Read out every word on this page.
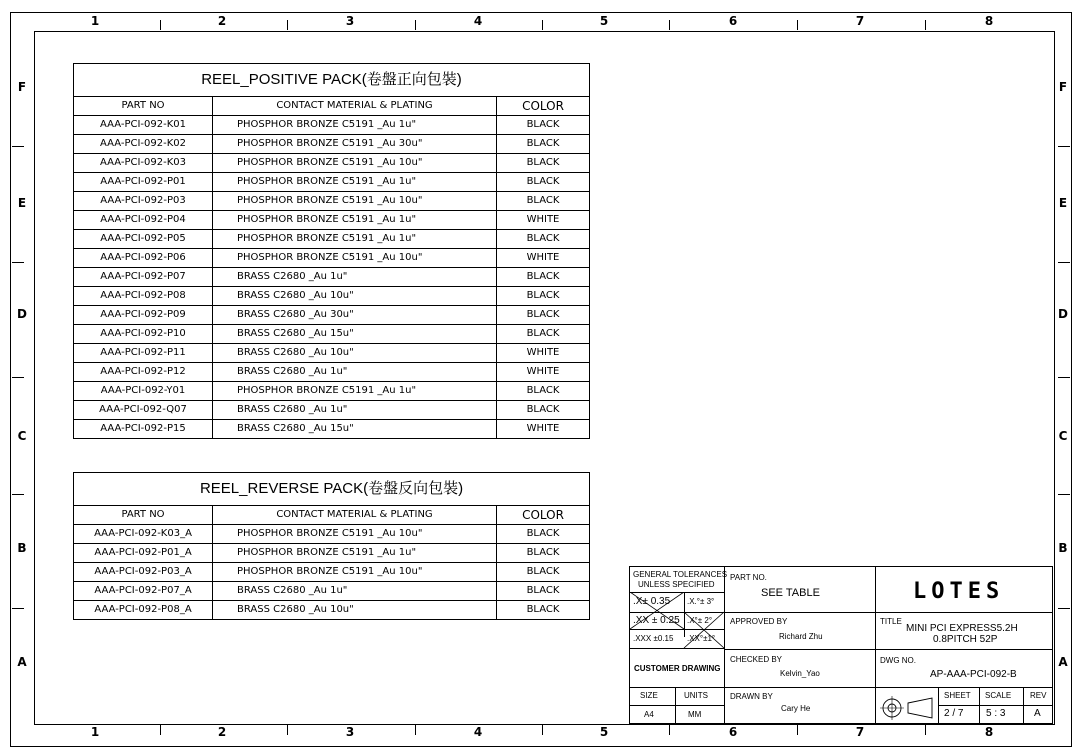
1
1
2
2
3
3
4
4
5
5
6
6
7
7
8
8
F	F
E	E
D	D
C	C
B	B
A	A
REEL_POSITIVE PACK(卷盤正向包裝)		
PART NO	CONTACT MATERIAL & PLATING	COLOR
AAA-PCI-092-K01	PHOSPHOR BRONZE C5191 _Au 1u"	BLACK
AAA-PCI-092-K02	PHOSPHOR BRONZE C5191 _Au 30u"	BLACK
AAA-PCI-092-K03	PHOSPHOR BRONZE C5191 _Au 10u"	BLACK
AAA-PCI-092-P01	PHOSPHOR BRONZE C5191 _Au 1u"	BLACK
AAA-PCI-092-P03	PHOSPHOR BRONZE C5191 _Au 10u"	BLACK
AAA-PCI-092-P04	PHOSPHOR BRONZE C5191 _Au 1u"	WHITE
AAA-PCI-092-P05	PHOSPHOR BRONZE C5191 _Au 1u"	BLACK
AAA-PCI-092-P06	PHOSPHOR BRONZE C5191 _Au 10u"	WHITE
AAA-PCI-092-P07	BRASS C2680 _Au 1u"	BLACK
AAA-PCI-092-P08	BRASS C2680 _Au 10u"	BLACK
AAA-PCI-092-P09	BRASS C2680 _Au 30u"	BLACK
AAA-PCI-092-P10	BRASS C2680 _Au 15u"	BLACK
AAA-PCI-092-P11	BRASS C2680 _Au 10u"	WHITE
AAA-PCI-092-P12	BRASS C2680 _Au 1u"	WHITE
AAA-PCI-092-Y01	PHOSPHOR BRONZE C5191 _Au 1u"	BLACK
AAA-PCI-092-Q07	BRASS C2680 _Au 1u"	BLACK
AAA-PCI-092-P15	BRASS C2680 _Au 15u"	WHITE
REEL_REVERSE PACK(卷盤反向包裝)		
PART NO	CONTACT MATERIAL & PLATING	COLOR
AAA-PCI-092-K03_A	PHOSPHOR BRONZE C5191 _Au 10u"	BLACK
AAA-PCI-092-P01_A	PHOSPHOR BRONZE C5191 _Au 1u"	BLACK
AAA-PCI-092-P03_A	PHOSPHOR BRONZE C5191 _Au 10u"	BLACK
AAA-PCI-092-P07_A	BRASS C2680 _Au 1u"	BLACK
AAA-PCI-092-P08_A	BRASS C2680 _Au 10u"	BLACK
GENERAL TOLERANCES
UNLESS SPECIFIED
.X± 0.35 .X.°± 3°
.XX ± 0.25 .X°± 2°
.XXX ±0.15 .XX°±1°
CUSTOMER DRAWING
SIZE
A4
UNITS
MM
PART NO.
SEE TABLE
APPROVED BY
Richard Zhu
CHECKED BY
Kelvin_Yao
DRAWN BY
Cary He
LOTES
TITLE
MINI PCI EXPRESS5.2H
0.8PITCH 52P
DWG NO.
AP-AAA-PCI-092-B
SHEET
2 / 7
SCALE
5 : 3
REV
A
